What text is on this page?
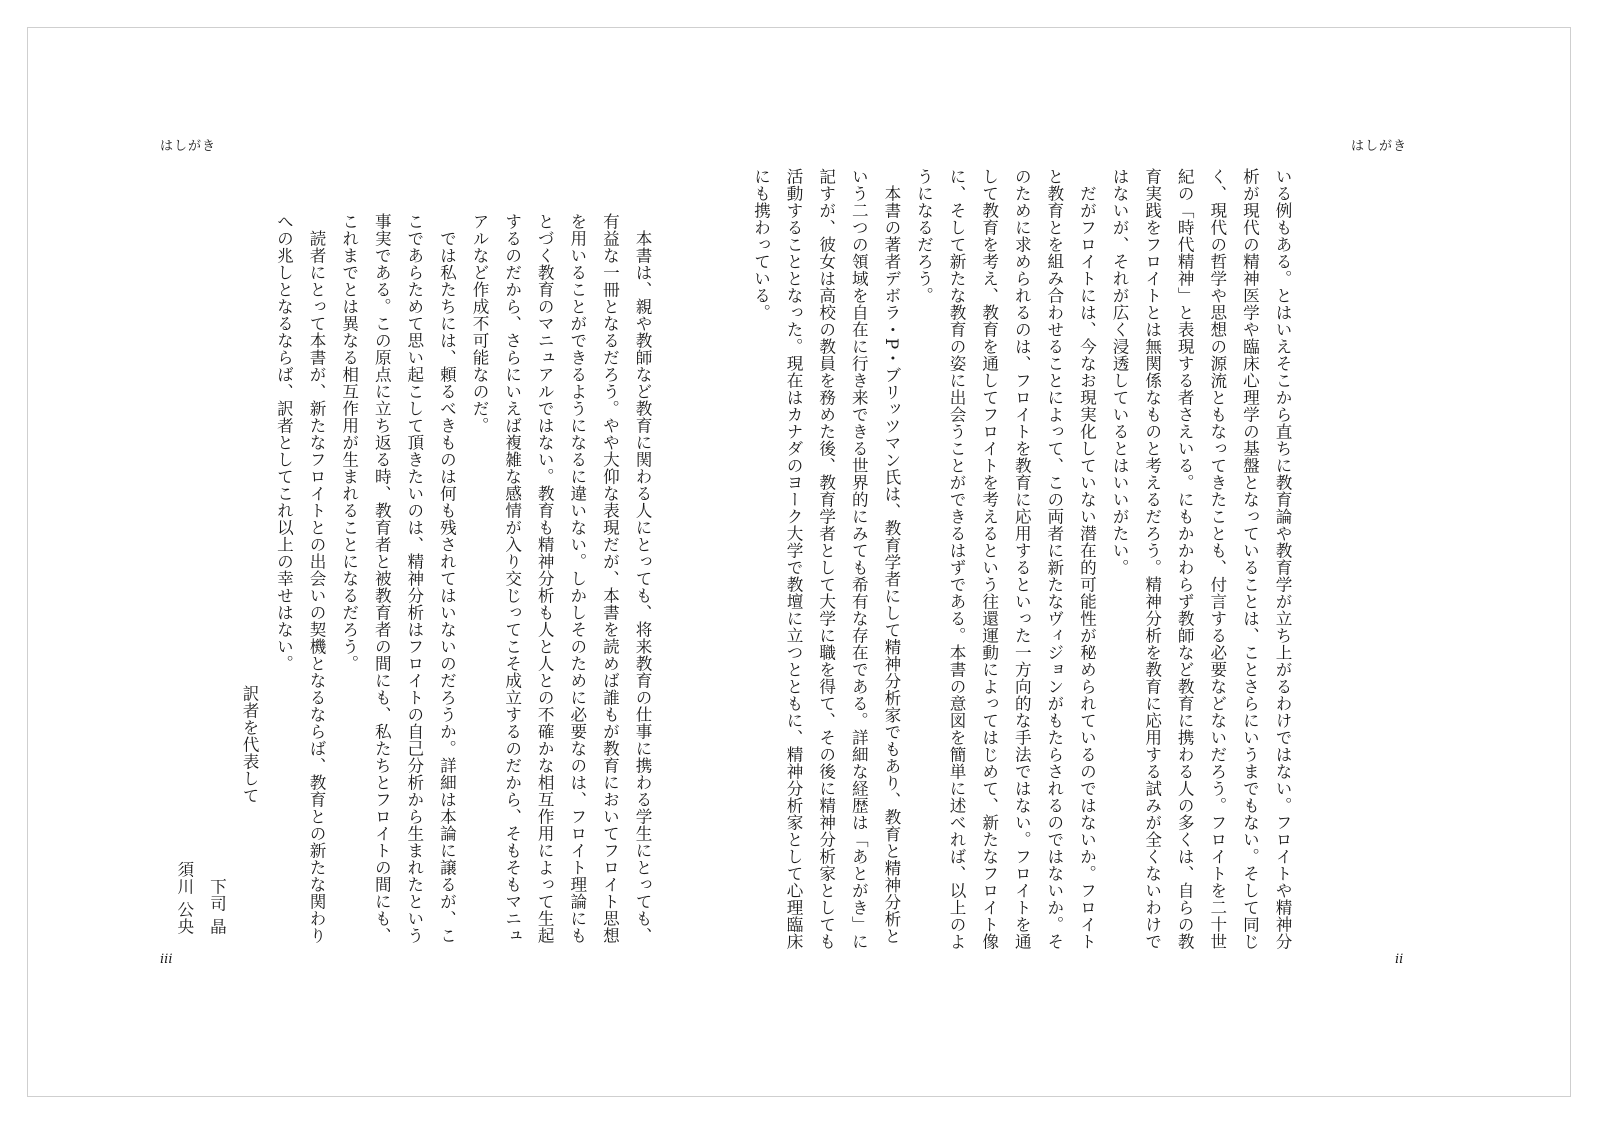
はしがき

いる例もある。とはいえそこから直ちに教育論や教育学が立ち上がるわけではない。フロイトや精神分析が現代の精神医学や臨床心理学の基盤となっていることは、ことさらにいうまでもない。そして同じく、現代の哲学や思想の源流ともなってきたことも、付言する必要などないだろう。フロイトを二十世紀の「時代精神」と表現する者さえいる。にもかかわらず教師など教育に携わる人の多くは、自らの教育実践をフロイトとは無関係なものと考えるだろう。精神分析を教育に応用する試みが全くないわけではないが、それが広く浸透しているとはいいがたい。

だがフロイトには、今なお現実化していない潜在的可能性が秘められているのではないか。フロイトと教育とを組み合わせることによって、この両者に新たなヴィジョンがもたらされるのではないか。そのために求められるのは、フロイトを教育に応用するといった一方向的な手法ではない。フロイトを通して教育を考え、教育を通してフロイトを考えるという往還運動によってはじめて、新たなフロイト像に、そして新たな教育の姿に出会うことができるはずである。本書の意図を簡単に述べれば、以上のようになるだろう。

本書の著者デボラ・P・ブリッツマン氏は、教育学者にして精神分析家でもあり、教育と精神分析という二つの領域を自在に行き来できる世界的にみても希有な存在である。詳細な経歴は「あとがき」に記すが、彼女は高校の教員を務めた後、教育学者として大学に職を得て、その後に精神分析家としても活動することとなった。現在はカナダのヨーク大学で教壇に立つとともに、精神分析家として心理臨床にも携わっている。

ii
はしがき

本書は、親や教師など教育に関わる人にとっても、将来教育の仕事に携わる学生にとっても、有益な一冊となるだろう。やや大仰な表現だが、本書を読めば誰もが教育においてフロイト思想を用いることができるようになるに違いない。しかしそのために必要なのは、フロイト理論にもとづく教育のマニュアルではない。教育も精神分析も人と人との不確かな相互作用によって生起するのだから、さらにいえば複雑な感情が入り交じってこそ成立するのだから、そもそもマニュアルなど作成不可能なのだ。

では私たちには、頼るべきものは何も残されてはいないのだろうか。詳細は本論に譲るが、ここであらためて思い起こして頂きたいのは、精神分析はフロイトの自己分析から生まれたという事実である。この原点に立ち返る時、教育者と被教育者の間にも、私たちとフロイトの間にも、これまでとは異なる相互作用が生まれることになるだろう。

読者にとって本書が、新たなフロイトとの出会いの契機となるならば、教育との新たな関わりへの兆しとなるならば、訳者としてこれ以上の幸せはない。

訳者を代表して
下司 晶
須川 公央
iii
